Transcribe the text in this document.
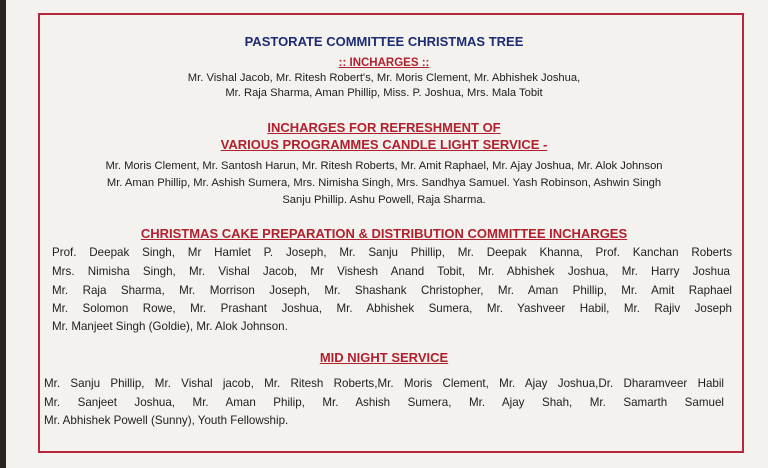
PASTORATE COMMITTEE CHRISTMAS TREE
:: INCHARGES ::
Mr. Vishal Jacob, Mr. Ritesh Robert's, Mr. Moris Clement, Mr. Abhishek Joshua,
Mr. Raja Sharma, Aman Phillip, Miss. P. Joshua, Mrs. Mala Tobit
INCHARGES FOR REFRESHMENT OF
VARIOUS PROGRAMMES CANDLE LIGHT SERVICE -
Mr. Moris Clement, Mr. Santosh Harun, Mr. Ritesh Roberts, Mr. Amit Raphael, Mr. Ajay Joshua, Mr. Alok Johnson
Mr. Aman Phillip, Mr. Ashish Sumera, Mrs. Nimisha Singh, Mrs. Sandhya Samuel. Yash Robinson, Ashwin Singh
Sanju Phillip. Ashu Powell, Raja Sharma.
CHRISTMAS CAKE PREPARATION & DISTRIBUTION COMMITTEE INCHARGES
Prof. Deepak Singh, Mr Hamlet P. Joseph, Mr. Sanju Phillip, Mr. Deepak Khanna, Prof. Kanchan Roberts
Mrs. Nimisha Singh, Mr. Vishal Jacob, Mr Vishesh Anand Tobit, Mr. Abhishek Joshua, Mr. Harry Joshua
Mr. Raja Sharma, Mr. Morrison Joseph, Mr. Shashank Christopher, Mr. Aman Phillip, Mr. Amit Raphael
Mr. Solomon Rowe, Mr. Prashant Joshua, Mr. Abhishek Sumera, Mr. Yashveer Habil, Mr. Rajiv Joseph
Mr. Manjeet Singh (Goldie), Mr. Alok Johnson.
MID NIGHT SERVICE
Mr. Sanju Phillip, Mr. Vishal jacob, Mr. Ritesh Roberts,Mr. Moris Clement, Mr. Ajay Joshua,Dr. Dharamveer Habil
Mr. Sanjeet Joshua, Mr. Aman Philip, Mr. Ashish Sumera, Mr. Ajay Shah, Mr. Samarth Samuel
Mr. Abhishek Powell (Sunny), Youth Fellowship.
